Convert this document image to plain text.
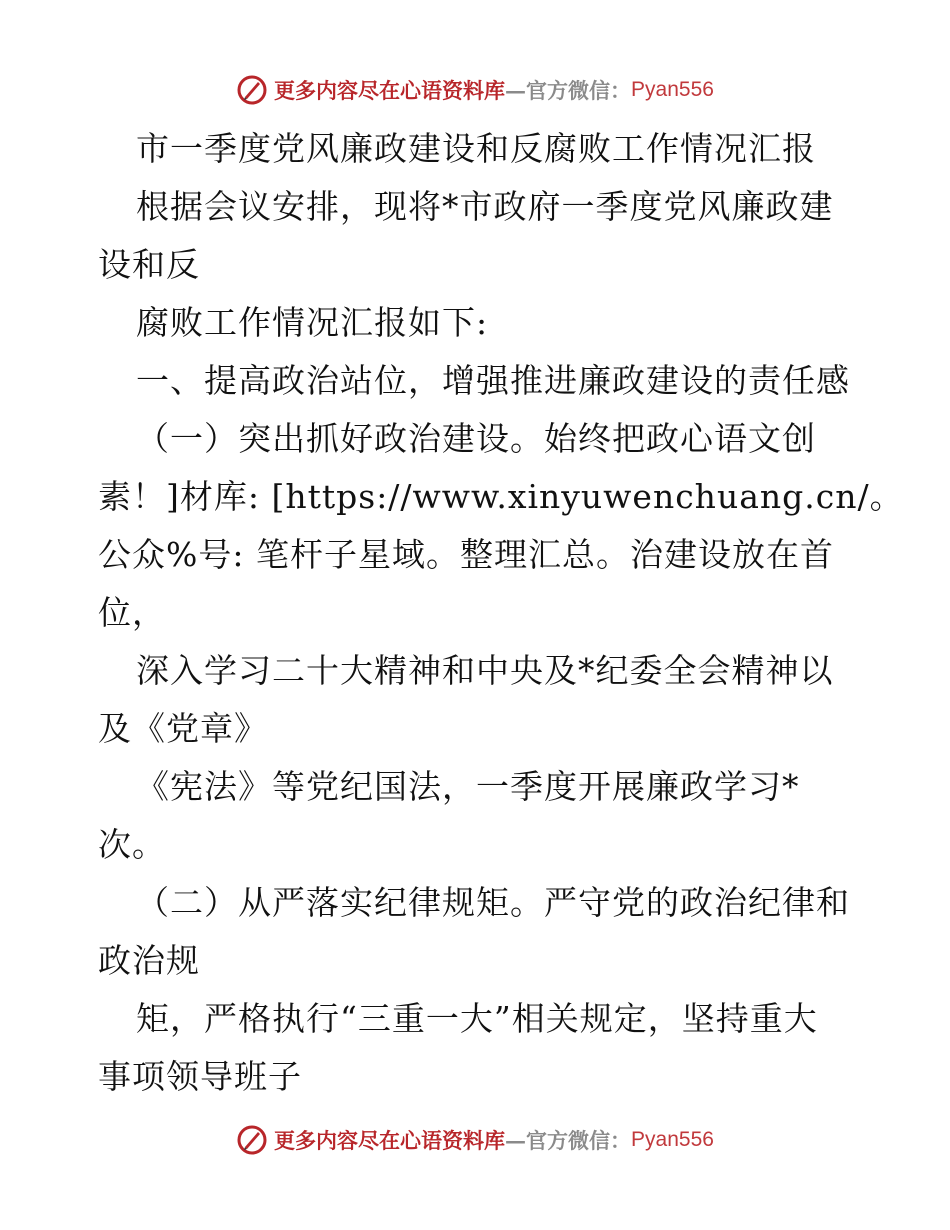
更多内容尽在心语资料库 — 官方微信： Pyan556
市一季度党风廉政建设和反腐败工作情况汇报
根据会议安排，现将*市政府一季度党风廉政建
设和反
腐败工作情况汇报如下:
一、提高政治站位，增强推进廉政建设的责任感
（一）突出抓好政治建设。始终把政心语文创
素！]材库: [https://www.xinyuwenchuang.cn/。
公众%号: 笔杆子星域。整理汇总。治建设放在首
位，
深入学习二十大精神和中央及*纪委全会精神以
及《党章》
《宪法》等党纪国法，一季度开展廉政学习*
次。
（二）从严落实纪律规矩。严守党的政治纪律和
政治规
矩，严格执行“三重一大”相关规定，坚持重大
事项领导班子
更多内容尽在心语资料库 — 官方微信： Pyan556
